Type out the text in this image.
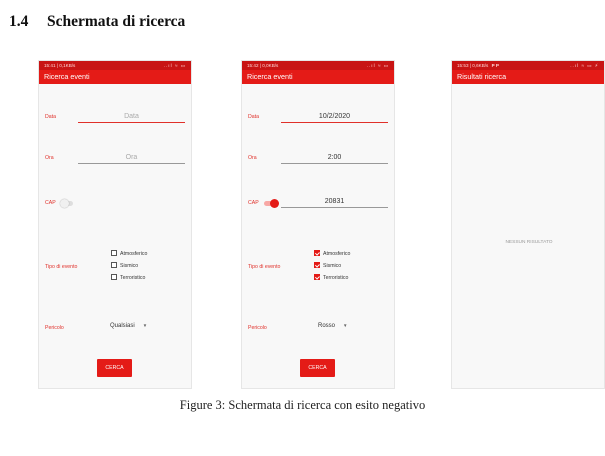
1.4 Schermata di ricerca
15:41 | 0,1KB/s	..ıl ≈ ▭
Ricerca eventi
Data	Data
Ora	Ora
CAP
Atmosferico
Tipo di evento	Sismico
Terroristico
Pericolo	Qualsiasi ▼
CERCA
15:42 | 0,0KB/s	..ıl ≈ ▭
Ricerca eventi
Data	10/2/2020
Ora	2:00
CAP	20831
Atmosferico
Tipo di evento	Sismico
Terroristico
Pericolo	Rosso ▼
CERCA
15:53 | 0,6KB/s P P	..ıl ≈ ▭ ⚡
Risultati ricerca
NESSUN RISULTATO
Figure 3: Schermata di ricerca con esito negativo
